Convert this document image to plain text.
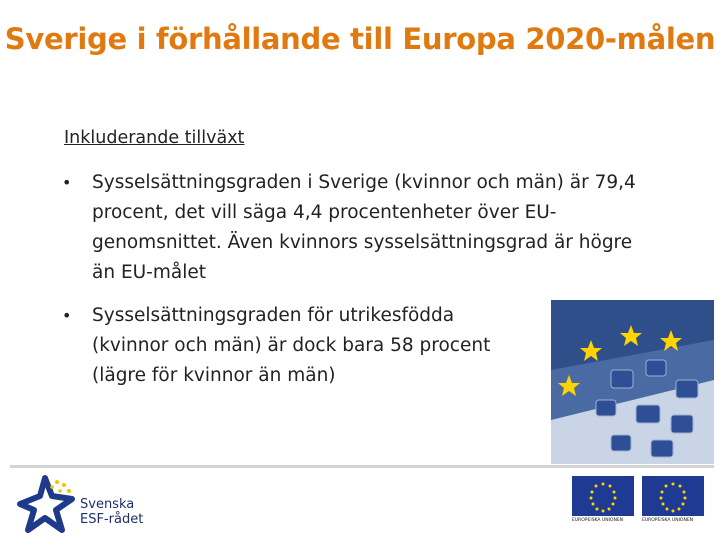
Sverige i förhållande till Europa 2020-målen
Inkluderande tillväxt
• Sysselsättningsgraden i Sverige (kvinnor och män) är 79,4 procent, det vill säga 4,4 procentenheter över EU-genomsnittet. Även kvinnors sysselsättningsgrad är högre än EU-målet
• Sysselsättningsgraden för utrikesfödda (kvinnor och män) är dock bara 58 procent (lägre för kvinnor än män)
Svenska
ESF-rådet	EUROPEISKA UNIONEN	EUROPEISKA UNIONEN
